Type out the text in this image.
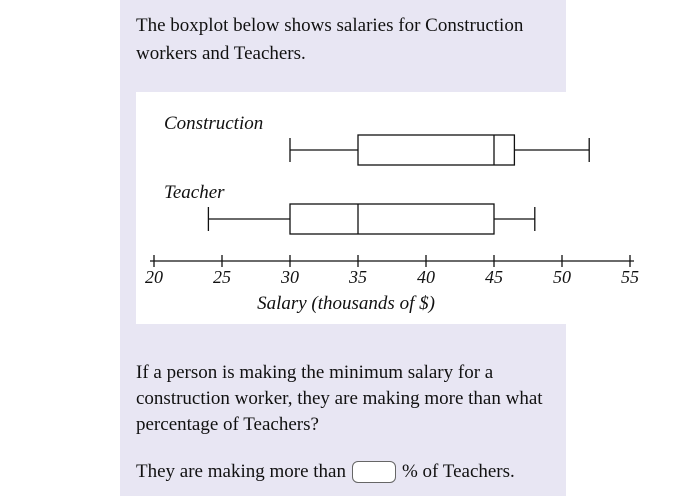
The boxplot below shows salaries for Construction workers and Teachers.

Construction
Teacher
20	25	30	35	40	45	50	55
Salary (thousands of $)

If a person is making the minimum salary for a construction worker, they are making more than what percentage of Teachers?

They are making more than	% of Teachers.
